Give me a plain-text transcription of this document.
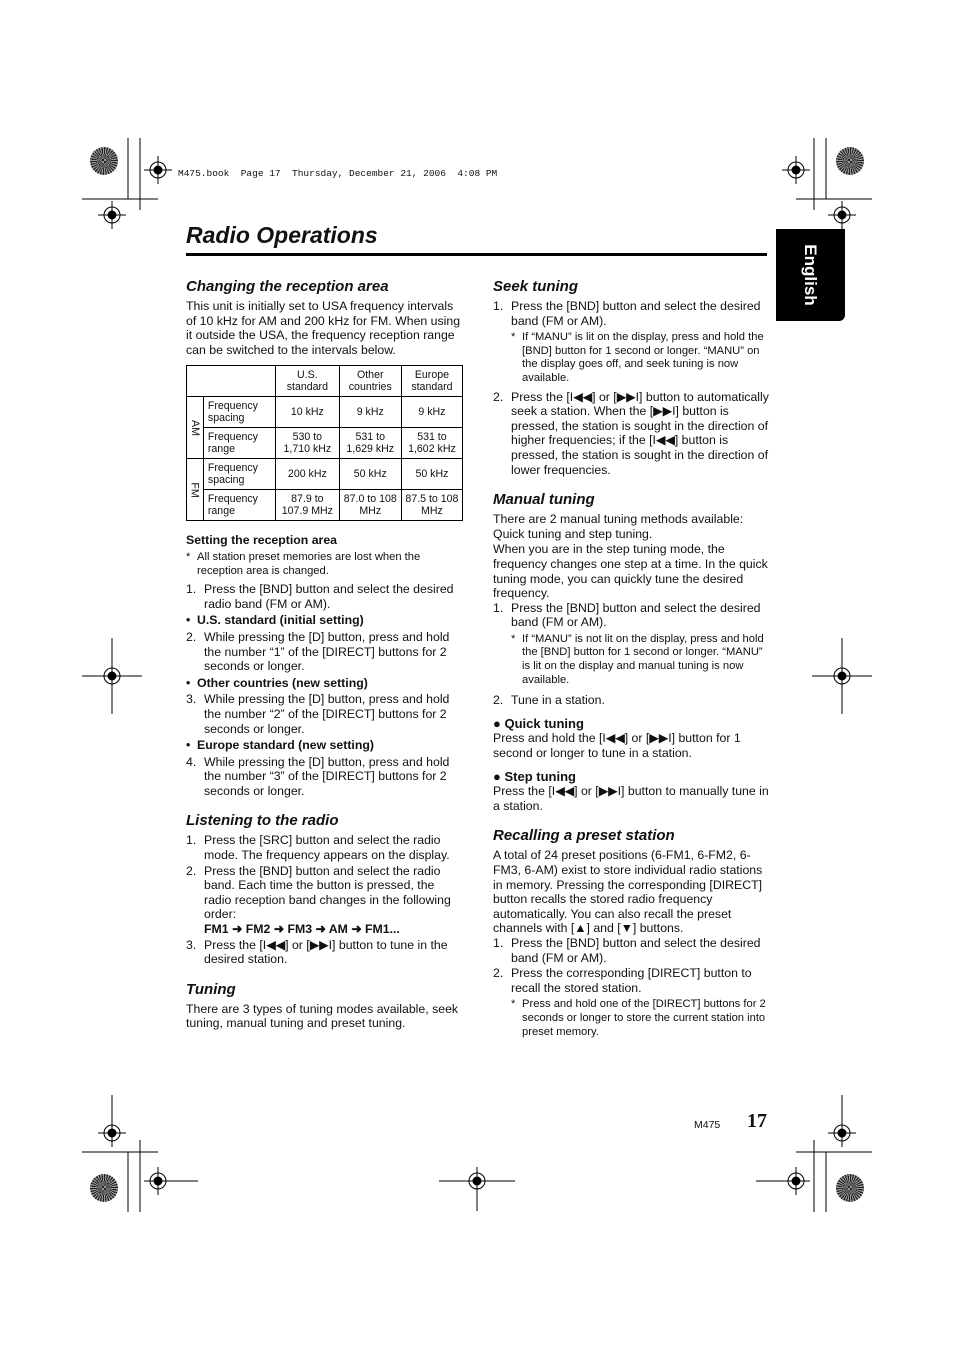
M475.book  Page 17  Thursday, December 21, 2006  4:08 PM
Radio Operations
English
Changing the reception area

This unit is initially set to USA frequency intervals of 10 kHz for AM and 200 kHz for FM. When using it outside the USA, the frequency reception range can be switched to the intervals below.

		U.S. standard	Other countries	Europe standard
AM	Frequency spacing	10 kHz	9 kHz	9 kHz
	Frequency range	530 to 1,710 kHz	531 to 1,629 kHz	531 to 1,602 kHz
FM	Frequency spacing	200 kHz	50 kHz	50 kHz
	Frequency range	87.9 to 107.9 MHz	87.0 to 108 MHz	87.5 to 108 MHz
Setting the reception area
* All station preset memories are lost when the reception area is changed.
1. Press the [BND] button and select the desired radio band (FM or AM).
• U.S. standard (initial setting)
2. While pressing the [D] button, press and hold the number “1” of the [DIRECT] buttons for 2 seconds or longer.
• Other countries (new setting)
3. While pressing the [D] button, press and hold the number “2” of the [DIRECT] buttons for 2 seconds or longer.
• Europe standard (new setting)
4. While pressing the [D] button, press and hold the number “3” of the [DIRECT] buttons for 2 seconds or longer.
Listening to the radio
1. Press the [SRC] button and select the radio mode. The frequency appears on the display.
2. Press the [BND] button and select the radio band. Each time the button is pressed, the radio reception band changes in the following order:
FM1 ➜ FM2 ➜ FM3 ➜ AM ➜ FM1...
3. Press the [I◀◀] or [▶▶I] button to tune in the desired station.
Tuning

There are 3 types of tuning modes available, seek tuning, manual tuning and preset tuning.

Seek tuning
1. Press the [BND] button and select the desired band (FM or AM).
* If “MANU” is lit on the display, press and hold the [BND] button for 1 second or longer. “MANU” on the display goes off, and seek tuning is now available.
2. Press the [I◀◀] or [▶▶I] button to automatically seek a station. When the [▶▶I] button is pressed, the station is sought in the direction of higher frequencies; if the [I◀◀] button is pressed, the station is sought in the direction of lower frequencies.
Manual tuning

There are 2 manual tuning methods available: Quick tuning and step tuning.

When you are in the step tuning mode, the frequency changes one step at a time. In the quick tuning mode, you can quickly tune the desired frequency.

1. Press the [BND] button and select the desired band (FM or AM).
* If “MANU” is not lit on the display, press and hold the [BND] button for 1 second or longer. “MANU” is lit on the display and manual tuning is now available.
2. Tune in a station.
● Quick tuning

Press and hold the [I◀◀] or [▶▶I] button for 1 second or longer to tune in a station.

● Step tuning

Press the [I◀◀] or [▶▶I] button to manually tune in a station.

Recalling a preset station

A total of 24 preset positions (6-FM1, 6-FM2, 6-FM3, 6-AM) exist to store individual radio stations in memory. Pressing the corresponding [DIRECT] button recalls the stored radio frequency automatically. You can also recall the preset channels with [▲] and [▼] buttons.

1. Press the [BND] button and select the desired band (FM or AM).
2. Press the corresponding [DIRECT] button to recall the stored station.
* Press and hold one of the [DIRECT] buttons for 2 seconds or longer to store the current station into preset memory.
M475 17
